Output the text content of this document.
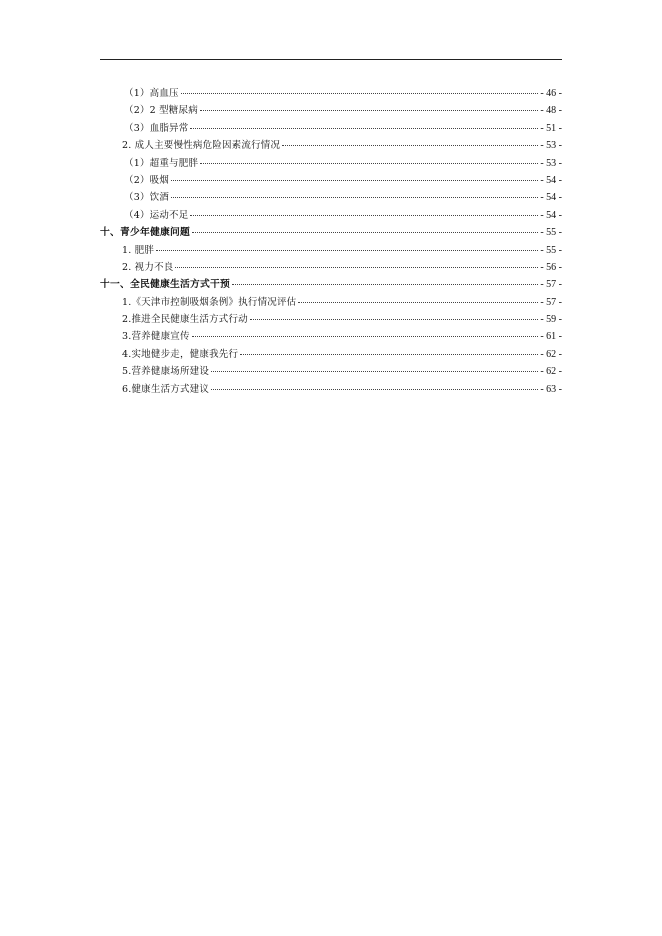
（1）高血压	- 46 -
（2）2 型糖尿病	- 48 -
（3）血脂异常	- 51 -
2. 成人主要慢性病危险因素流行情况	- 53 -
（1）超重与肥胖	- 53 -
（2）吸烟	- 54 -
（3）饮酒	- 54 -
（4）运动不足	- 54 -
十、青少年健康问题	- 55 -
1. 肥胖	- 55 -
2. 视力不良	- 56 -
十一、全民健康生活方式干预	- 57 -
1.《天津市控制吸烟条例》执行情况评估	- 57 -
2.推进全民健康生活方式行动	- 59 -
3.营养健康宣传	- 61 -
4.实地健步走，健康我先行	- 62 -
5.营养健康场所建设	- 62 -
6.健康生活方式建议	- 63 -
